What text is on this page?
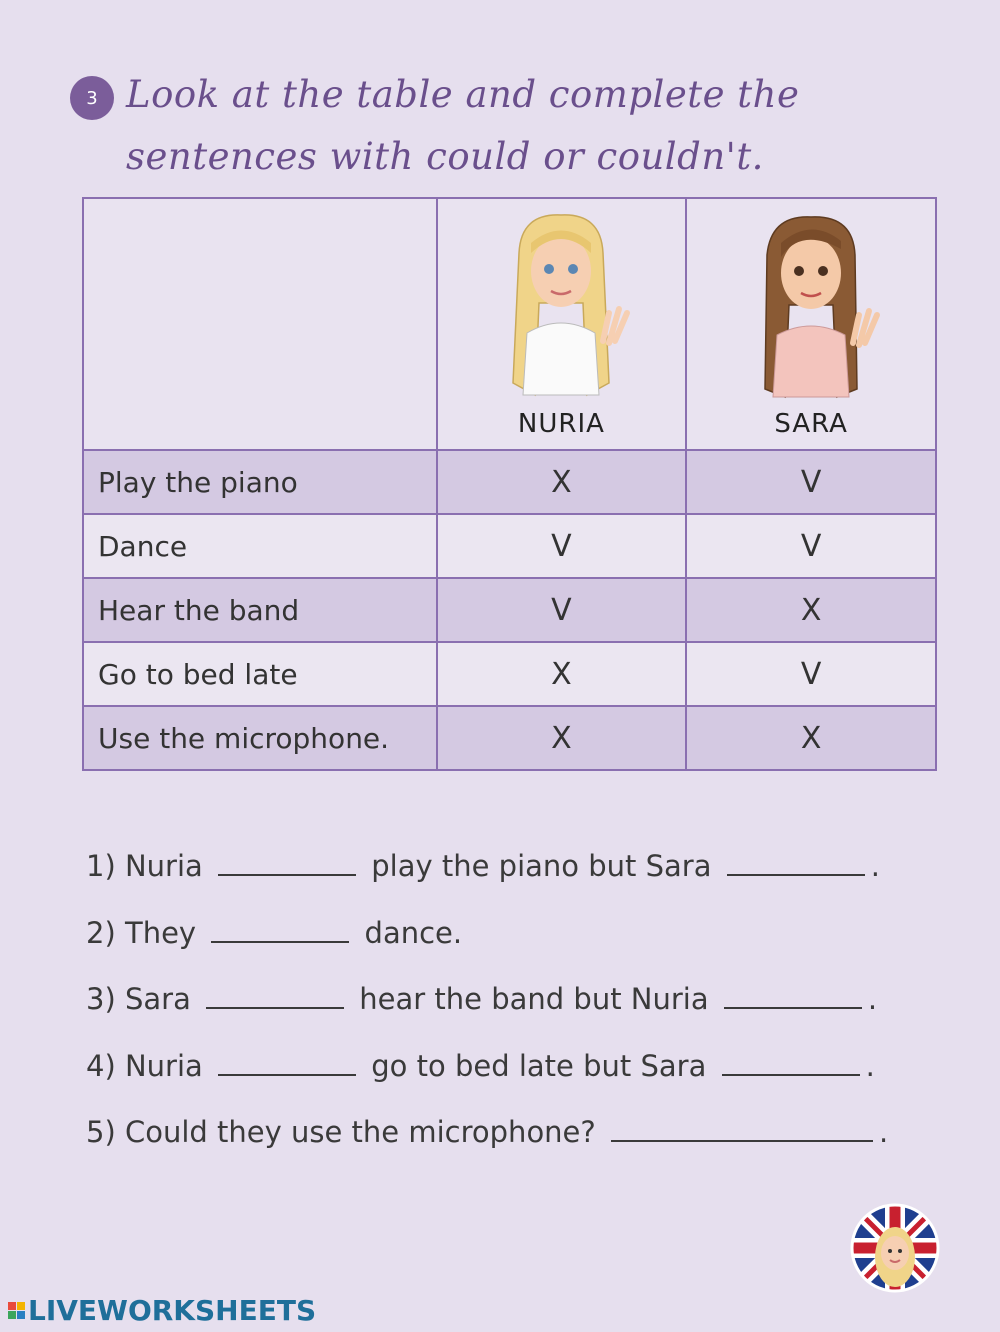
3 Look at the table and complete the sentences with could or couldn't.

	NURIA	SARA

Play the piano	X	V
Dance	V	V
Hear the band	V	X
Go to bed late	X	V
Use the microphone.	X	X
1) Nuria	play the piano but Sara	.
2) They	dance.
3) Sara	hear the band but Nuria	.
4) Nuria	go to bed late but Sara	.
5) Could they use the microphone?	.
LIVEWORKSHEETS
